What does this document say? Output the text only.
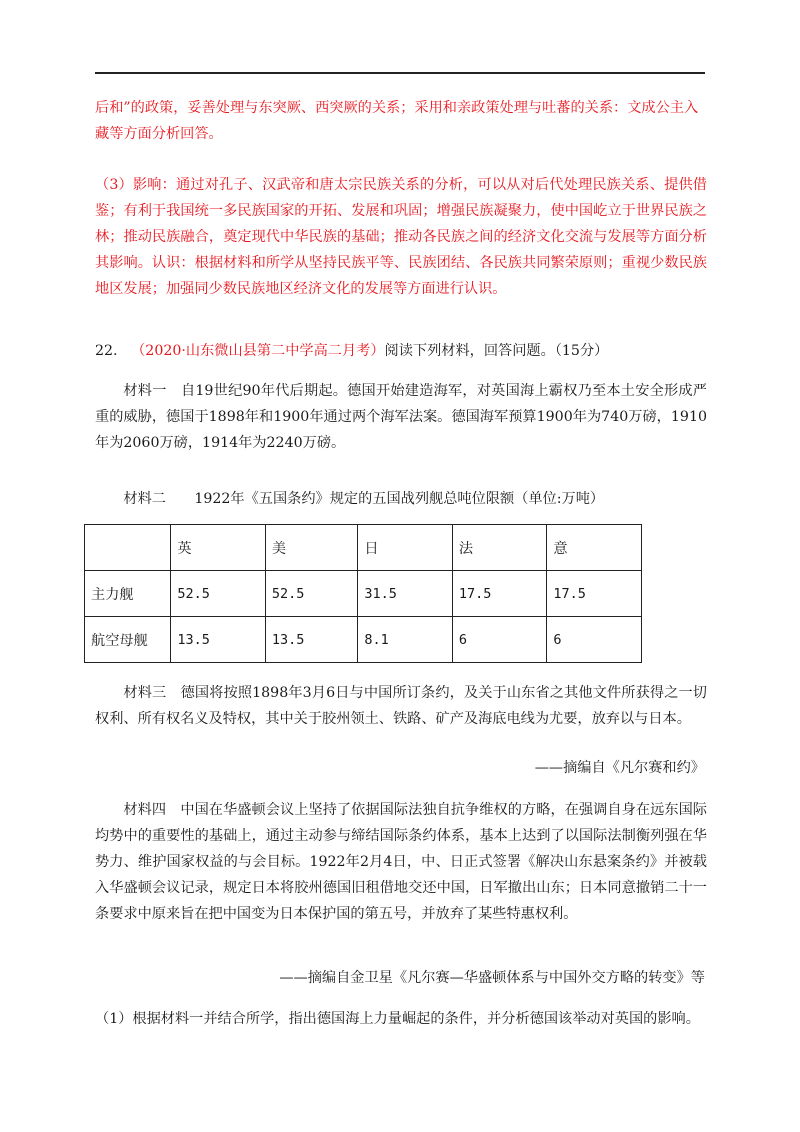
后和”的政策，妥善处理与东突厥、西突厥的关系；采用和亲政策处理与吐蕃的关系：文成公主入
藏等方面分析回答。

（3）影响：通过对孔子、汉武帝和唐太宗民族关系的分析，可以从对后代处理民族关系、提供借鉴；有利于我国统一多民族国家的开拓、发展和巩固；增强民族凝聚力，使中国屹立于世界民族之林；推动民族融合，奠定现代中华民族的基础；推动各民族之间的经济文化交流与发展等方面分析其影响。认识：根据材料和所学从坚持民族平等、民族团结、各民族共同繁荣原则；重视少数民族地区发展；加强同少数民族地区经济文化的发展等方面进行认识。

22. （2020·山东微山县第二中学高二月考）阅读下列材料，回答问题。（15分）

材料一　自19世纪90年代后期起。德国开始建造海军，对英国海上霸权乃至本土安全形成严重的威胁，德国于1898年和1900年通过两个海军法案。德国海军预算1900年为740万磅，1910年为2060万磅，1914年为2240万磅。

材料二　　1922年《五国条约》规定的五国战列舰总吨位限额（单位:万吨）

	英	美	日	法	意
主力舰	52.5	52.5	31.5	17.5	17.5
航空母舰	13.5	13.5	8.1	6	6

材料三　德国将按照1898年3月6日与中国所订条约，及关于山东省之其他文件所获得之一切权利、所有权名义及特权，其中关于胶州领土、铁路、矿产及海底电线为尤要，放弃以与日本。

——摘编自《凡尔赛和约》

材料四　中国在华盛顿会议上坚持了依据国际法独自抗争维权的方略，在强调自身在远东国际均势中的重要性的基础上，通过主动参与缔结国际条约体系，基本上达到了以国际法制衡列强在华势力、维护国家权益的与会目标。1922年2月4日，中、日正式签署《解决山东悬案条约》并被载入华盛顿会议记录，规定日本将胶州德国旧租借地交还中国，日军撤出山东；日本同意撤销二十一条要求中原来旨在把中国变为日本保护国的第五号，并放弃了某些特惠权利。

——摘编自金卫星《凡尔赛—华盛顿体系与中国外交方略的转变》等

（1）根据材料一并结合所学，指出德国海上力量崛起的条件，并分析德国该举动对英国的影响。
